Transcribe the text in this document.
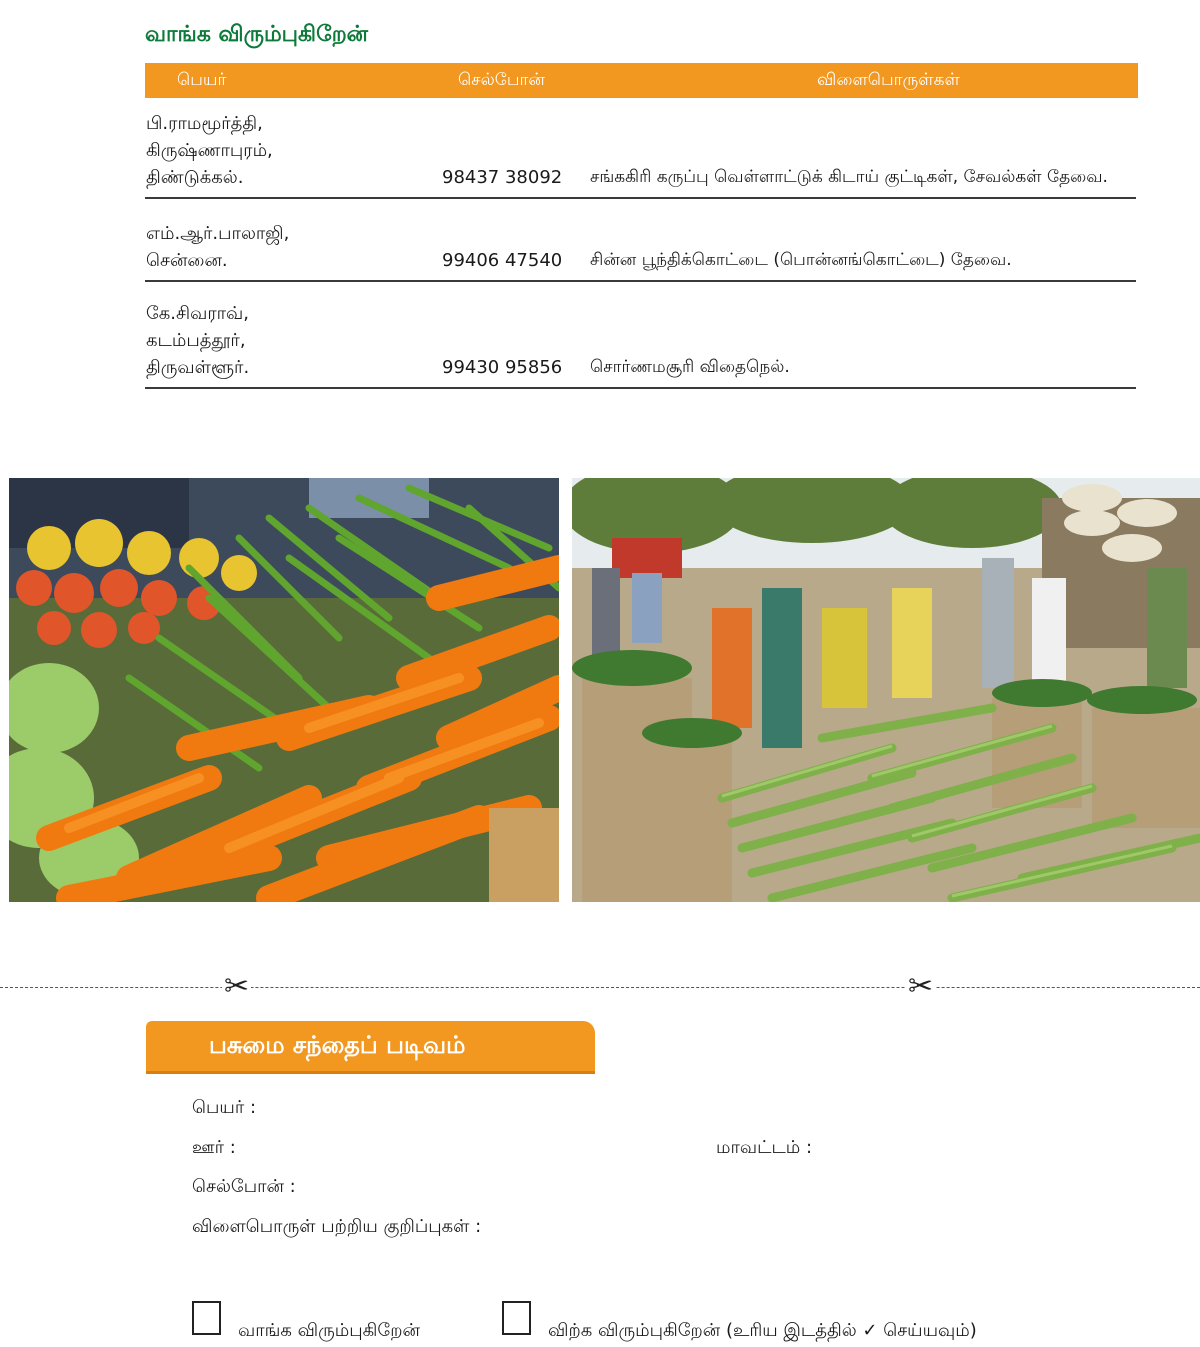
வாங்க விரும்புகிறேன்
பெயர்	செல்போன்	விளைபொருள்கள்
பி.ராமமூர்த்தி,
கிருஷ்ணாபுரம்,
திண்டுக்கல்.	98437 38092 சங்ககிரி கருப்பு வெள்ளாட்டுக் கிடாய் குட்டிகள், சேவல்கள் தேவை.
எம்.ஆர்.பாலாஜி,
சென்னை.	99406 47540 சின்ன பூந்திக்கொட்டை (பொன்னங்கொட்டை) தேவை.
கே.சிவராவ்,
கடம்பத்தூர்,
திருவள்ளூர்.	99430 95856 சொர்ணமசூரி விதைநெல்.
✂	✂
பசுமை சந்தைப் படிவம்
பெயர் :
ஊர் :	மாவட்டம் :
செல்போன் :
விளைபொருள் பற்றிய குறிப்புகள் :
வாங்க விரும்புகிறேன்	விற்க விரும்புகிறேன் (உரிய இடத்தில் ✓ செய்யவும்)
